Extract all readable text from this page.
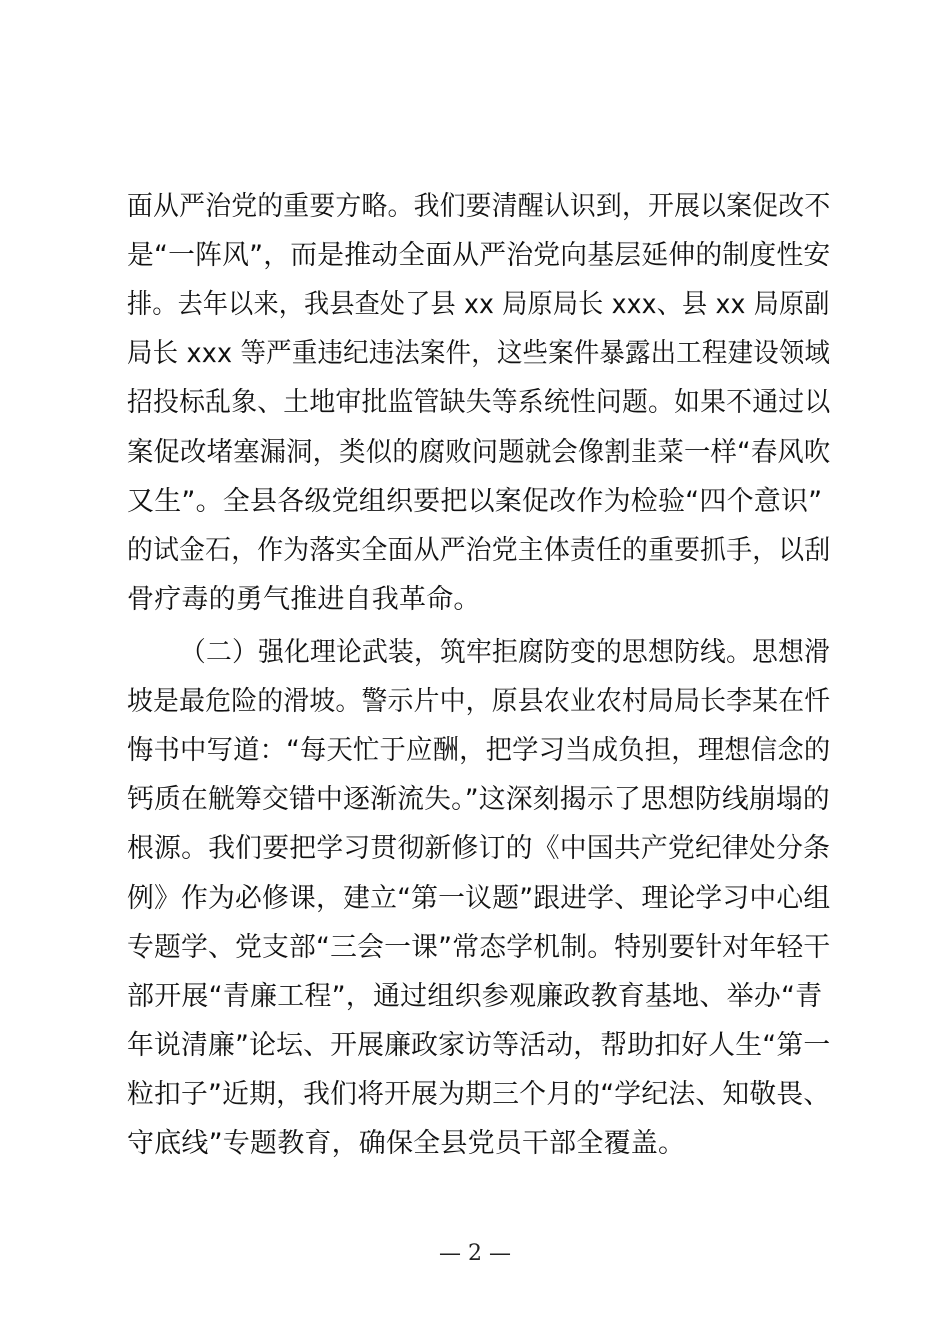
面从严治党的重要方略。我们要清醒认识到，开展以案促改不
是“一阵风”，而是推动全面从严治党向基层延伸的制度性安
排。去年以来，我县查处了县 xx 局原局长 xxx、县 xx 局原副
局长 xxx 等严重违纪违法案件，这些案件暴露出工程建设领域
招投标乱象、土地审批监管缺失等系统性问题。如果不通过以
案促改堵塞漏洞，类似的腐败问题就会像割韭菜一样“春风吹
又生”。全县各级党组织要把以案促改作为检验“四个意识”
的试金石，作为落实全面从严治党主体责任的重要抓手，以刮
骨疗毒的勇气推进自我革命。
（二）强化理论武装，筑牢拒腐防变的思想防线。思想滑
坡是最危险的滑坡。警示片中，原县农业农村局局长李某在忏
悔书中写道：“每天忙于应酬，把学习当成负担，理想信念的
钙质在觥筹交错中逐渐流失。”这深刻揭示了思想防线崩塌的
根源。我们要把学习贯彻新修订的《中国共产党纪律处分条
例》作为必修课，建立“第一议题”跟进学、理论学习中心组
专题学、党支部“三会一课”常态学机制。特别要针对年轻干
部开展“青廉工程”，通过组织参观廉政教育基地、举办“青
年说清廉”论坛、开展廉政家访等活动，帮助扣好人生“第一
粒扣子”近期，我们将开展为期三个月的“学纪法、知敬畏、
守底线”专题教育，确保全县党员干部全覆盖。
— 2 —
